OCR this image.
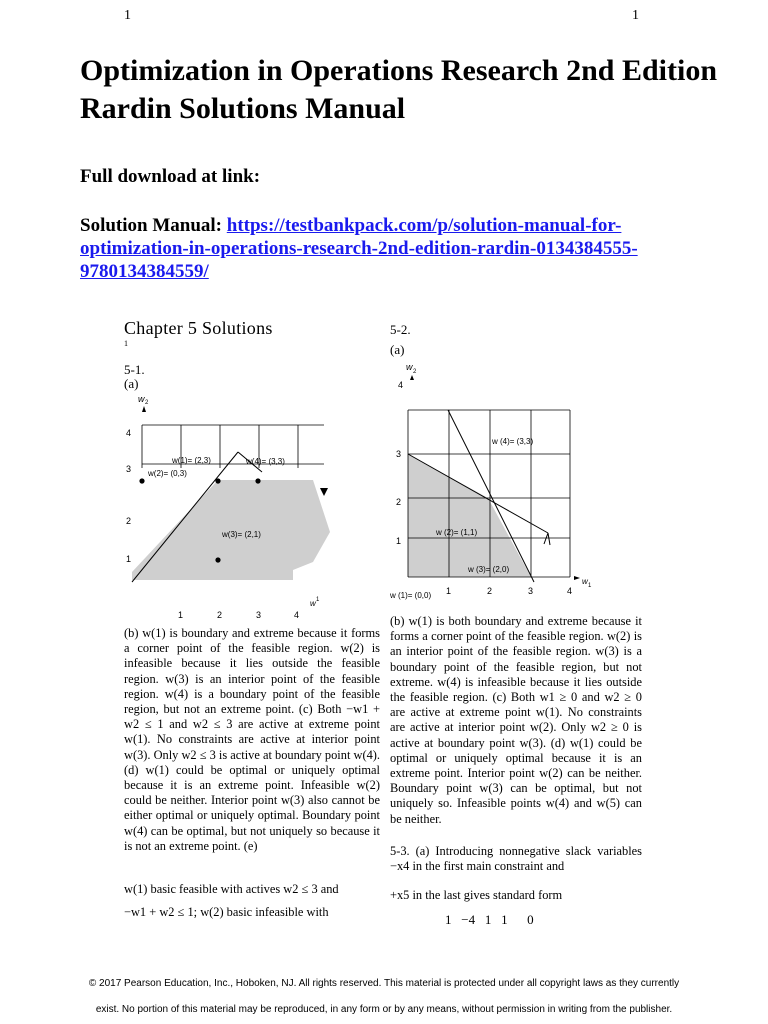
1	1
Optimization in Operations Research 2nd Edition Rardin Solutions Manual
Full download at link:
Solution Manual: https://testbankpack.com/p/solution-manual-for-optimization-in-operations-research-2nd-edition-rardin-0134384555-9780134384559/
Chapter 5 Solutions
1
5-1.
(a)
w 2
4
3
2
1
w(1)= (2,3)
w(2)= (0,3)
w(4)= (3,3)
w(3)= (2,1)
w 1
1	2	3	4
(b) w(1) is boundary and extreme because it forms a corner point of the feasible region. w(2) is infeasible because it lies outside the feasible region. w(3) is an interior point of the feasible region. w(4) is a boundary point of the feasible region, but not an extreme point. (c) Both −w1 + w2 ≤ 1 and w2 ≤ 3 are active at extreme point w(1). No constraints are active at interior point w(3). Only w2 ≤ 3 is active at boundary point w(4). (d) w(1) could be optimal or uniquely optimal because it is an extreme point. Infeasible w(2) could be neither. Interior point w(3) also cannot be either optimal or uniquely optimal. Boundary point w(4) can be optimal, but not uniquely so because it is not an extreme point. (e)
w(1) basic feasible with actives w2 ≤ 3 and
−w1 + w2 ≤ 1; w(2) basic infeasible with
5-2.
(a)
w 2
4
3
2
1
w (4)= (3,3)
w (2)= (1,1)
w (3)= (2,0)
w (1)= (0,0) 1	2	3	4
w 1
(b) w(1) is both boundary and extreme because it forms a corner point of the feasible region. w(2) is an interior point of the feasible region. w(3) is a boundary point of the feasible region, but not extreme. w(4) is infeasible because it lies outside the feasible region. (c) Both w1 ≥ 0 and w2 ≥ 0 are active at extreme point w(1). No constraints are active at interior point w(2). Only w2 ≥ 0 is active at boundary point w(3). (d) w(1) could be optimal or uniquely optimal because it is an extreme point. Interior point w(2) can be neither. Boundary point w(3) can be optimal, but not uniquely so. Infeasible points w(4) and w(5) can be neither.
5-3. (a) Introducing nonnegative slack variables −x4 in the first main constraint and
+x5 in the last gives standard form
1   −4   1   1      0
© 2017 Pearson Education, Inc., Hoboken, NJ. All rights reserved. This material is protected under all copyright laws as they currently
exist. No portion of this material may be reproduced, in any form or by any means, without permission in writing from the publisher.
